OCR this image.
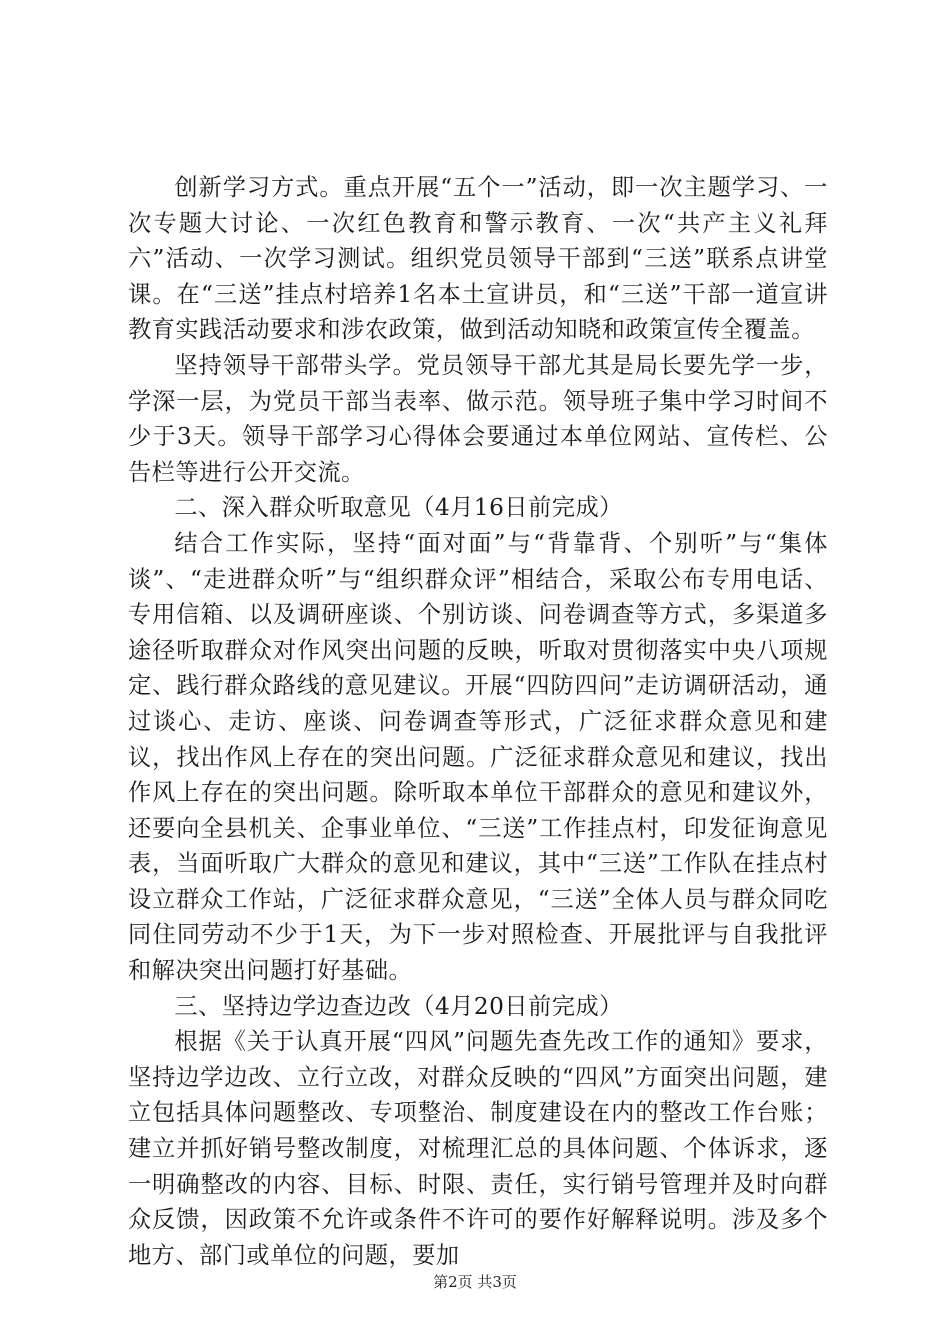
创新学习方式。重点开展“五个一”活动，即一次主题学习、一次专题大讨论、一次红色教育和警示教育、一次“共产主义礼拜六”活动、一次学习测试。组织党员领导干部到“三送”联系点讲堂课。在“三送”挂点村培养1名本土宣讲员，和“三送”干部一道宣讲教育实践活动要求和涉农政策，做到活动知晓和政策宣传全覆盖。

坚持领导干部带头学。党员领导干部尤其是局长要先学一步，学深一层，为党员干部当表率、做示范。领导班子集中学习时间不少于3天。领导干部学习心得体会要通过本单位网站、宣传栏、公告栏等进行公开交流。

二、深入群众听取意见（4月16日前完成）

结合工作实际，坚持“面对面”与“背靠背、个别听”与“集体谈”、“走进群众听”与“组织群众评”相结合，采取公布专用电话、专用信箱、以及调研座谈、个别访谈、问卷调查等方式，多渠道多途径听取群众对作风突出问题的反映，听取对贯彻落实中央八项规定、践行群众路线的意见建议。开展“四防四问”走访调研活动，通过谈心、走访、座谈、问卷调查等形式，广泛征求群众意见和建议，找出作风上存在的突出问题。广泛征求群众意见和建议，找出作风上存在的突出问题。除听取本单位干部群众的意见和建议外，还要向全县机关、企事业单位、“三送”工作挂点村，印发征询意见表，当面听取广大群众的意见和建议，其中“三送”工作队在挂点村设立群众工作站，广泛征求群众意见，“三送”全体人员与群众同吃同住同劳动不少于1天，为下一步对照检查、开展批评与自我批评和解决突出问题打好基础。

三、坚持边学边查边改（4月20日前完成）

根据《关于认真开展“四风”问题先查先改工作的通知》要求，坚持边学边改、立行立改，对群众反映的“四风”方面突出问题，建立包括具体问题整改、专项整治、制度建设在内的整改工作台账；建立并抓好销号整改制度，对梳理汇总的具体问题、个体诉求，逐一明确整改的内容、目标、时限、责任，实行销号管理并及时向群众反馈，因政策不允许或条件不许可的要作好解释说明。涉及多个地方、部门或单位的问题，要加

第2页 共3页
